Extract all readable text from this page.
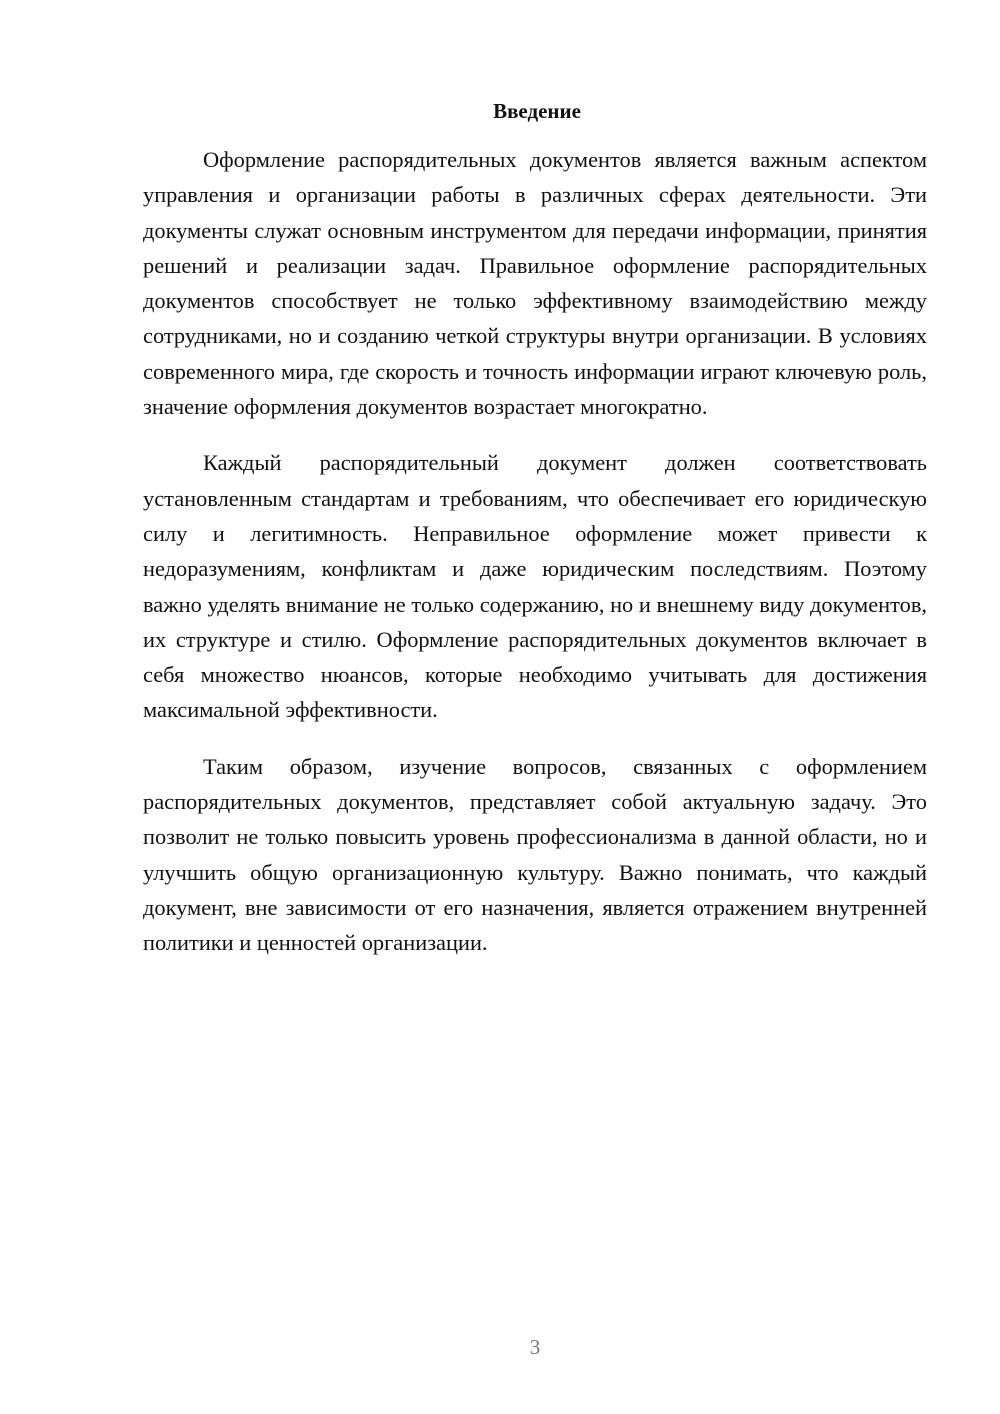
Введение

Оформление распорядительных документов является важным аспектом управления и организации работы в различных сферах деятельности. Эти документы служат основным инструментом для передачи информации, принятия решений и реализации задач. Правильное оформление распорядительных документов способствует не только эффективному взаимодействию между сотрудниками, но и созданию четкой структуры внутри организации. В условиях современного мира, где скорость и точность информации играют ключевую роль, значение оформления документов возрастает многократно.

Каждый распорядительный документ должен соответствовать установленным стандартам и требованиям, что обеспечивает его юридическую силу и легитимность. Неправильное оформление может привести к недоразумениям, конфликтам и даже юридическим последствиям. Поэтому важно уделять внимание не только содержанию, но и внешнему виду документов, их структуре и стилю. Оформление распорядительных документов включает в себя множество нюансов, которые необходимо учитывать для достижения максимальной эффективности.

Таким образом, изучение вопросов, связанных с оформлением распорядительных документов, представляет собой актуальную задачу. Это позволит не только повысить уровень профессионализма в данной области, но и улучшить общую организационную культуру. Важно понимать, что каждый документ, вне зависимости от его назначения, является отражением внутренней политики и ценностей организации.

3
